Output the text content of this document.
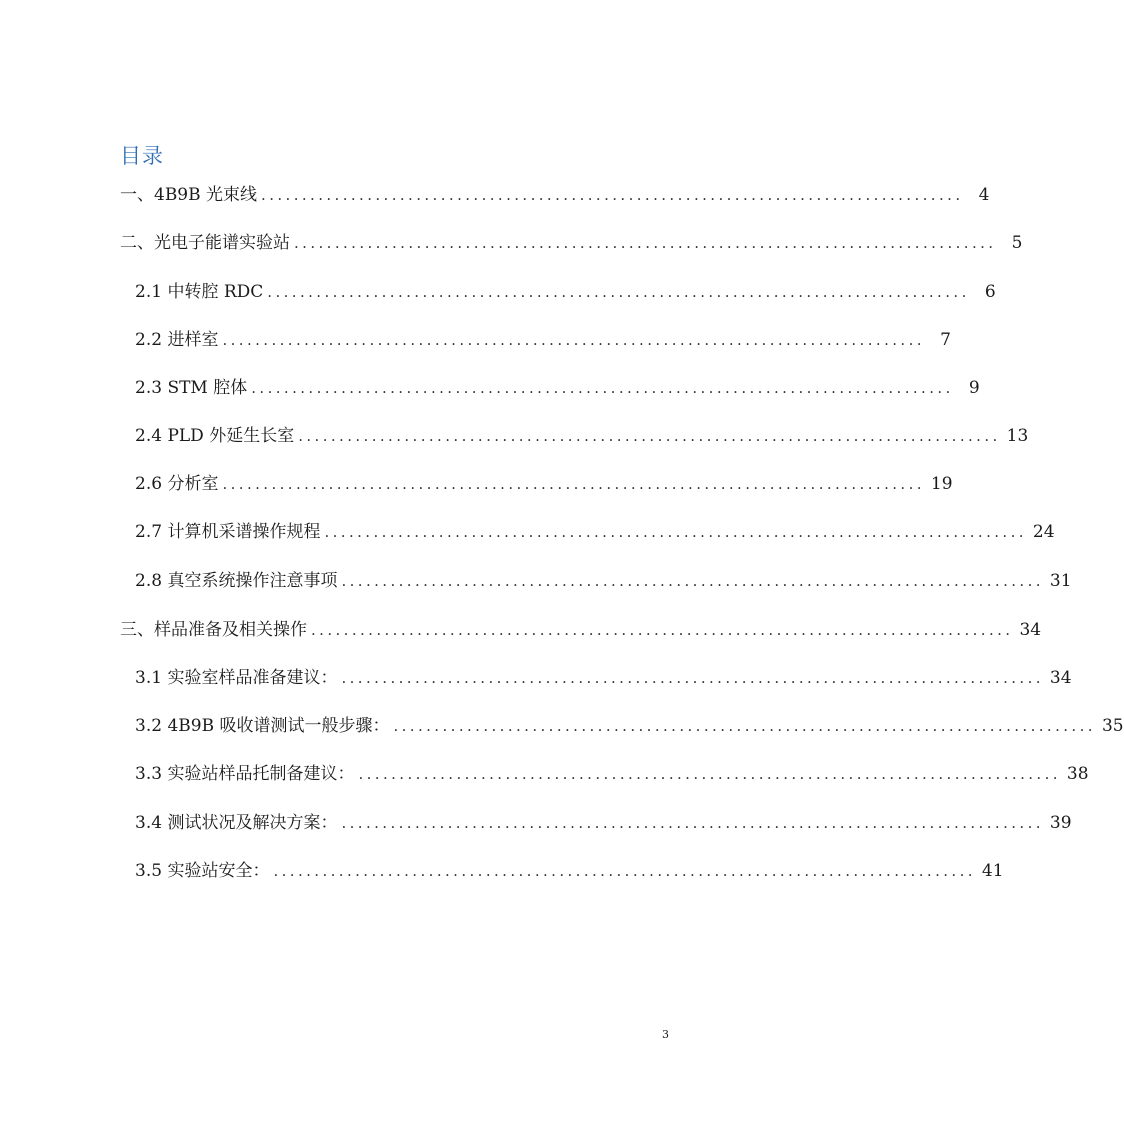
目录
一、4B9B 光束线 ...................................................................................... 4
二、光电子能谱实验站 ...................................................................................... 5
2.1 中转腔 RDC ...................................................................................... 6
2.2 进样室 ...................................................................................... 7
2.3 STM 腔体 ...................................................................................... 9
2.4 PLD 外延生长室 ...................................................................................... 13
2.6 分析室 ...................................................................................... 19
2.7 计算机采谱操作规程 ...................................................................................... 24
2.8 真空系统操作注意事项 ...................................................................................... 31
三、样品准备及相关操作 ...................................................................................... 34
3.1 实验室样品准备建议： ...................................................................................... 34
3.2 4B9B 吸收谱测试一般步骤： ...................................................................................... 35
3.3 实验站样品托制备建议： ...................................................................................... 38
3.4 测试状况及解决方案： ...................................................................................... 39
3.5 实验站安全： ...................................................................................... 41
3
